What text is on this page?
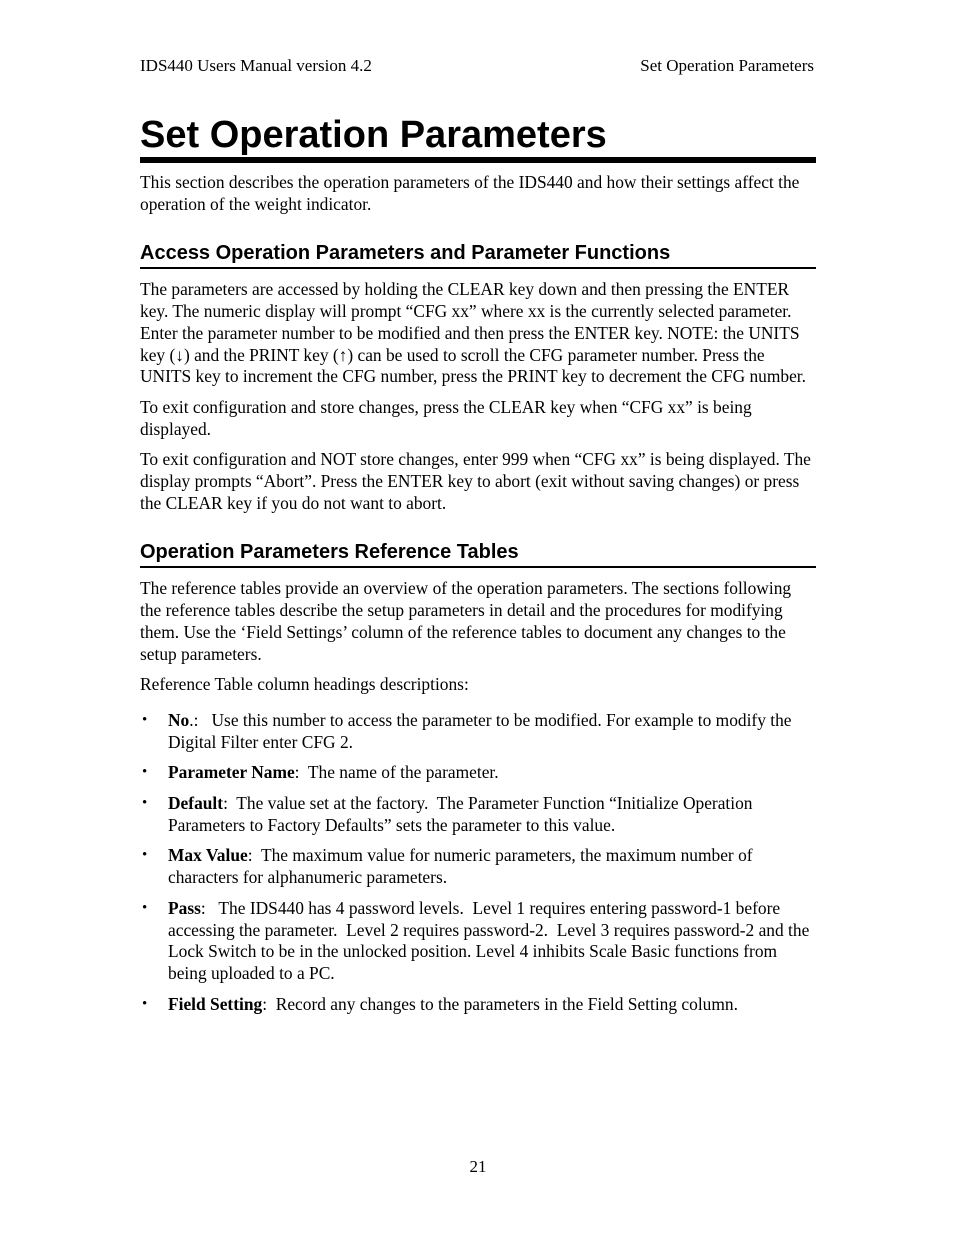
IDS440 Users Manual version 4.2	Set Operation Parameters
Set Operation Parameters

This section describes the operation parameters of the IDS440 and how their settings affect the operation of the weight indicator.

Access Operation Parameters and Parameter Functions

The parameters are accessed by holding the CLEAR key down and then pressing the ENTER key. The numeric display will prompt “CFG xx” where xx is the currently selected parameter. Enter the parameter number to be modified and then press the ENTER key. NOTE: the UNITS key (↓) and the PRINT key (↑) can be used to scroll the CFG parameter number. Press the UNITS key to increment the CFG number, press the PRINT key to decrement the CFG number.

To exit configuration and store changes, press the CLEAR key when “CFG xx” is being displayed.

To exit configuration and NOT store changes, enter 999 when “CFG xx” is being displayed. The display prompts “Abort”. Press the ENTER key to abort (exit without saving changes) or press the CLEAR key if you do not want to abort.

Operation Parameters Reference Tables

The reference tables provide an overview of the operation parameters. The sections following the reference tables describe the setup parameters in detail and the procedures for modifying them. Use the ‘Field Settings’ column of the reference tables to document any changes to the setup parameters.

Reference Table column headings descriptions:

• No.:   Use this number to access the parameter to be modified. For example to modify the Digital Filter enter CFG 2.
• Parameter Name:  The name of the parameter.
• Default:  The value set at the factory.  The Parameter Function “Initialize Operation Parameters to Factory Defaults” sets the parameter to this value.
• Max Value:  The maximum value for numeric parameters, the maximum number of characters for alphanumeric parameters.
• Pass:   The IDS440 has 4 password levels.  Level 1 requires entering password-1 before accessing the parameter.  Level 2 requires password-2.  Level 3 requires password-2 and the Lock Switch to be in the unlocked position. Level 4 inhibits Scale Basic functions from being uploaded to a PC.
• Field Setting:  Record any changes to the parameters in the Field Setting column.
21
